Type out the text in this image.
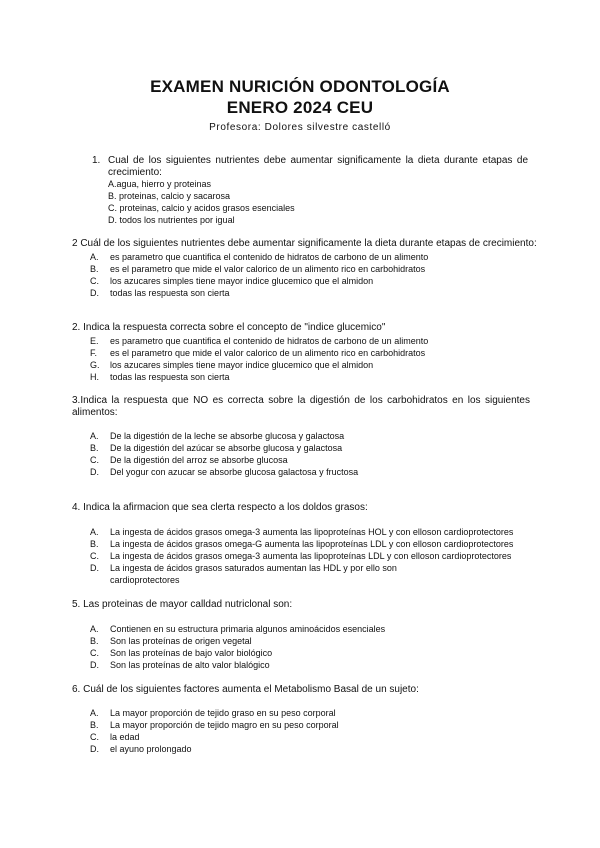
EXAMEN NURICIÓN ODONTOLOGÍA
ENERO 2024 CEU
Profesora: Dolores silvestre castelló
1. Cual de los siguientes nutrientes debe aumentar significamente la dieta durante etapas de crecimiento:
A.agua, hierro y proteinas
B. proteinas, calcio y sacarosa
C. proteinas, calcio y acidos grasos esenciales
D. todos los nutrientes por igual
2 Cuál de los siguientes nutrientes debe aumentar significamente la dieta durante etapas de crecimiento:
A. es parametro que cuantifica el contenido de hidratos de carbono de un alimento
B. es el parametro que mide el valor calorico de un alimento rico en carbohidratos
C. los azucares simples tiene mayor indice glucemico que el almidon
D. todas las respuesta son cierta
2. Indica la respuesta correcta sobre el concepto de "indice glucemico"
E. es parametro que cuantifica el contenido de hidratos de carbono de un alimento
F. es el parametro que mide el valor calorico de un alimento rico en carbohidratos
G. los azucares simples tiene mayor indice glucemico que el almidon
H. todas las respuesta son cierta
3.Indica la respuesta que NO es correcta sobre la digestión de los carbohidratos en los siguientes alimentos:
A. De la digestión de la leche se absorbe glucosa y galactosa
B. De la digestión del azúcar se absorbe glucosa y galactosa
C. De la digestión del arroz se absorbe glucosa
D. Del yogur con azucar se absorbe glucosa galactosa y fructosa
4. Indica la afirmacion que sea clerta respecto a los doldos grasos:
A. La ingesta de ácidos grasos omega-3 aumenta las lipoproteínas HOL y con elloson cardioprotectores
B. La ingesta de ácidos grasos omega-G aumenta las lipoproteínas LDL y con elloson cardioprotectores
C. La ingesta de ácidos grasos omega-3 aumenta las lipoproteínas LDL y con elloson cardioprotectores
D. La ingesta de ácidos grasos saturados aumentan las HDL y por ello son
cardioprotectores
5. Las proteinas de mayor calldad nutriclonal son:
A. Contienen en su estructura primaria algunos aminoácidos esenciales
B. Son las proteínas de origen vegetal
C. Son las proteínas de bajo valor biológico
D. Son las proteínas de alto valor blalógico
6. Cuál de los siguientes factores aumenta el Metabolismo Basal de un sujeto:
A. La mayor proporción de tejido graso en su peso corporal
B. La mayor proporción de tejido magro en su peso corporal
C. la edad
D. el ayuno prolongado
